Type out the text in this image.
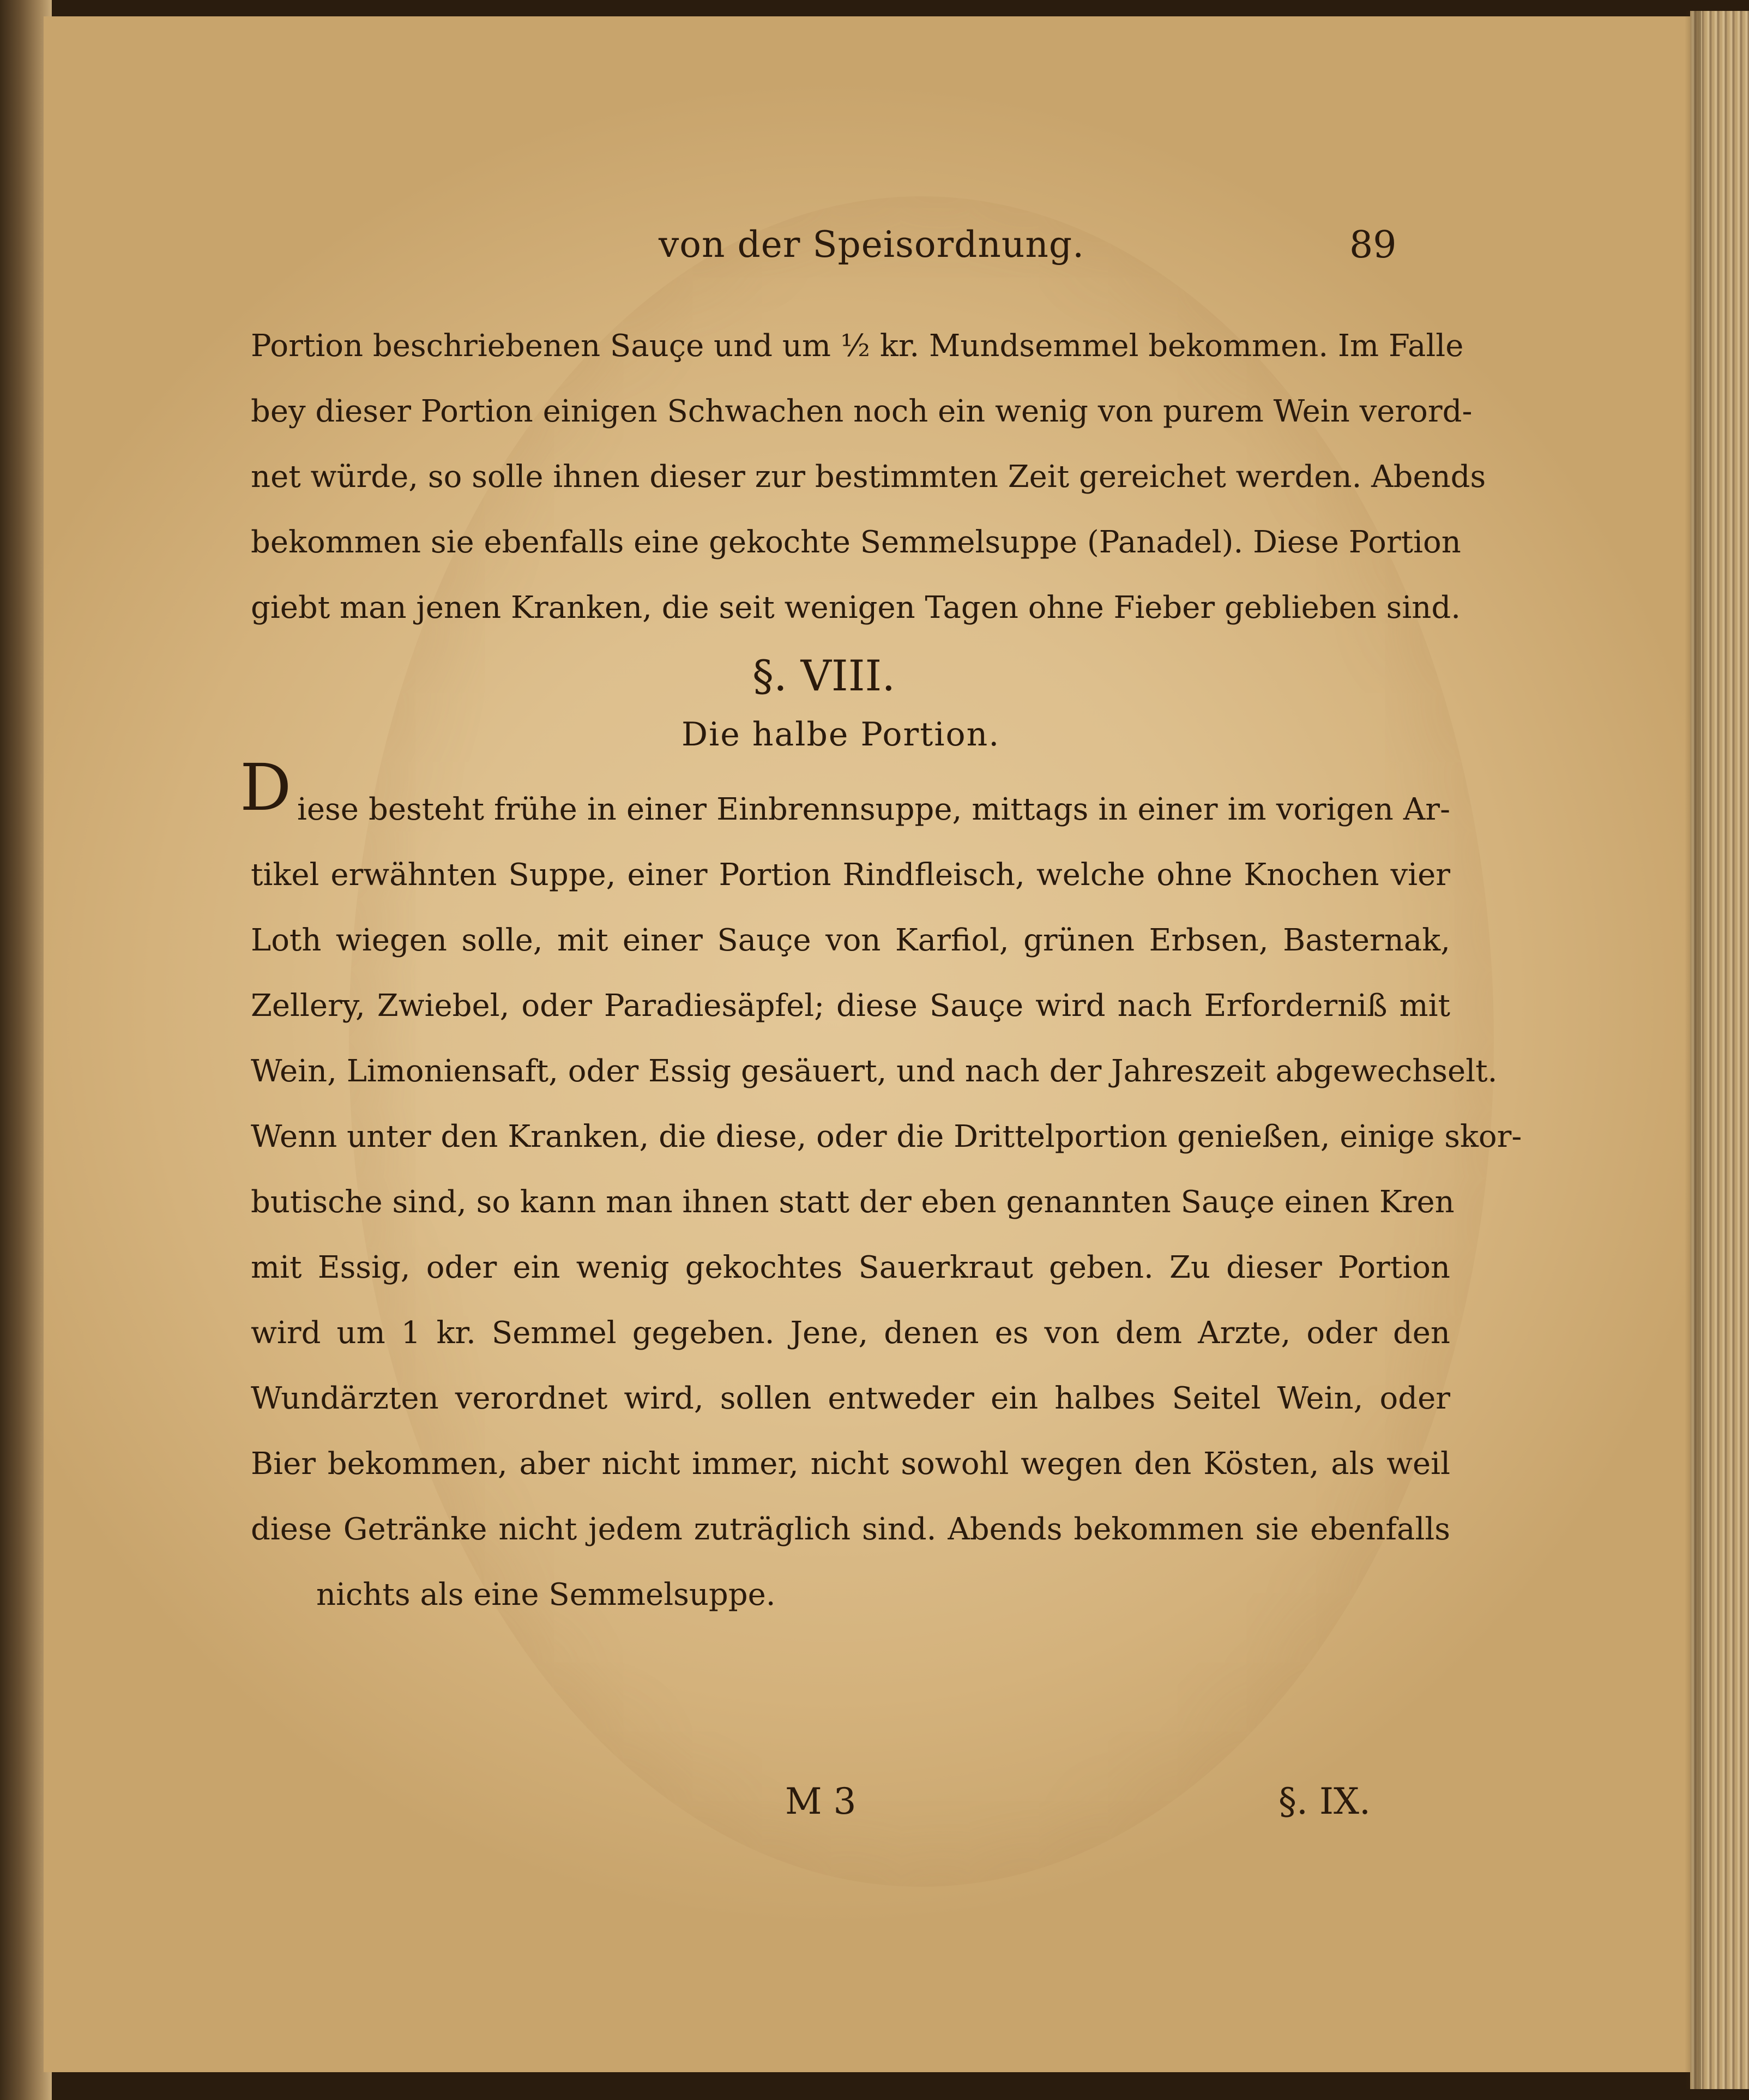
von der Speisordnung.	89

Portion beschriebenen Sauçe und um ½ kr. Mundsemmel bekommen. Im Falle

bey dieser Portion einigen Schwachen noch ein wenig von purem Wein verord-

net würde, so solle ihnen dieser zur bestimmten Zeit gereichet werden. Abends

bekommen sie ebenfalls eine gekochte Semmelsuppe (Panadel). Diese Portion

giebt man jenen Kranken, die seit wenigen Tagen ohne Fieber geblieben sind.

§. VIII.

Die halbe Portion.

D iese besteht frühe in einer Einbrennsuppe, mittags in einer im vorigen Ar-

tikel erwähnten Suppe, einer Portion Rindfleisch, welche ohne Knochen vier

Loth wiegen solle, mit einer Sauçe von Karfiol, grünen Erbsen, Basternak,

Zellery, Zwiebel, oder Paradiesäpfel; diese Sauçe wird nach Erforderniß mit

Wein, Limoniensaft, oder Essig gesäuert, und nach der Jahreszeit abgewechselt.

Wenn unter den Kranken, die diese, oder die Drittelportion genießen, einige skor-

butische sind, so kann man ihnen statt der eben genannten Sauçe einen Kren

mit Essig, oder ein wenig gekochtes Sauerkraut geben. Zu dieser Portion

wird um 1 kr. Semmel gegeben. Jene, denen es von dem Arzte, oder den

Wundärzten verordnet wird, sollen entweder ein halbes Seitel Wein, oder

Bier bekommen, aber nicht immer, nicht sowohl wegen den Kösten, als weil

diese Getränke nicht jedem zuträglich sind. Abends bekommen sie ebenfalls

nichts als eine Semmelsuppe.

M 3	§. IX.
